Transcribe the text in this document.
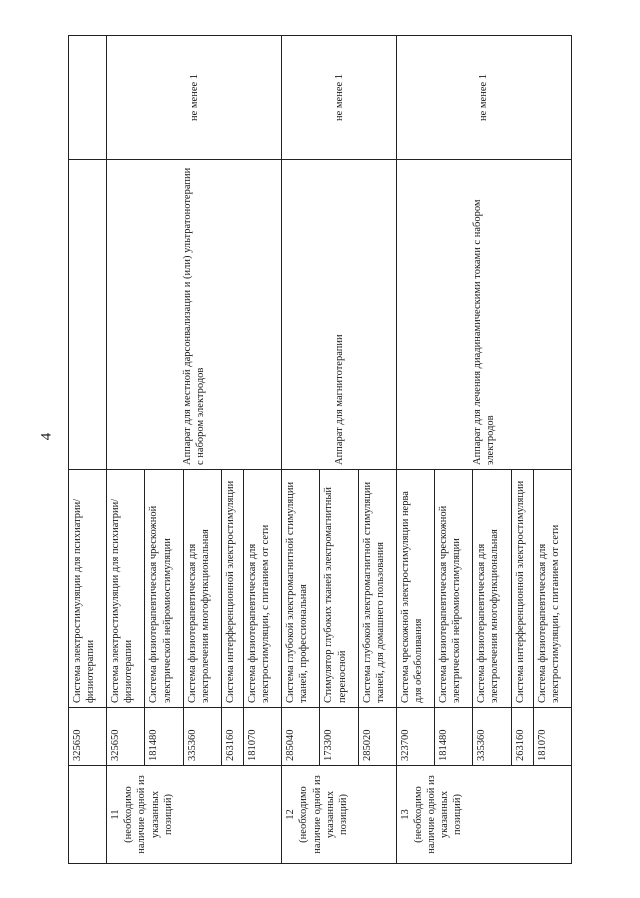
4
	325650	Система электростимуляции для психиатрии/физиотерапии		
11 (необходимо наличие одной из указанных позиций)	325650	Система электростимуляции для психиатрии/физиотерапии	Аппарат для местной дарсонвализации и (или) ультратонотерапии с набором электродов	не менее 1
	181480	Система физиотерапевтическая чрескожной электрической нейромиостимуляции		
	335360	Система физиотерапевтическая для электролечения многофункциональная		
	263160	Система интерференционной электростимуляции		
	181070	Система физиотерапевтическая для электростимуляции, с питанием от сети		
12 (необходимо наличие одной из указанных позиций)	285040	Система глубокой электромагнитной стимуляции тканей, профессиональная	Аппарат для магнитотерапии	не менее 1
	173300	Стимулятор глубоких тканей электромагнитный переносной		
	285020	Система глубокой электромагнитной стимуляции тканей, для домашнего пользования		
13 (необходимо наличие одной из указанных позиций)	323700	Система чрескожной электростимуляции нерва для обезболивания	Аппарат для лечения диадинамическими токами с набором электродов	не менее 1
	181480	Система физиотерапевтическая чрескожной электрической нейромиостимуляции		
	335360	Система физиотерапевтическая для электролечения многофункциональная		
	263160	Система интерференционной электростимуляции		
	181070	Система физиотерапевтическая для электростимуляции, с питанием от сети		
